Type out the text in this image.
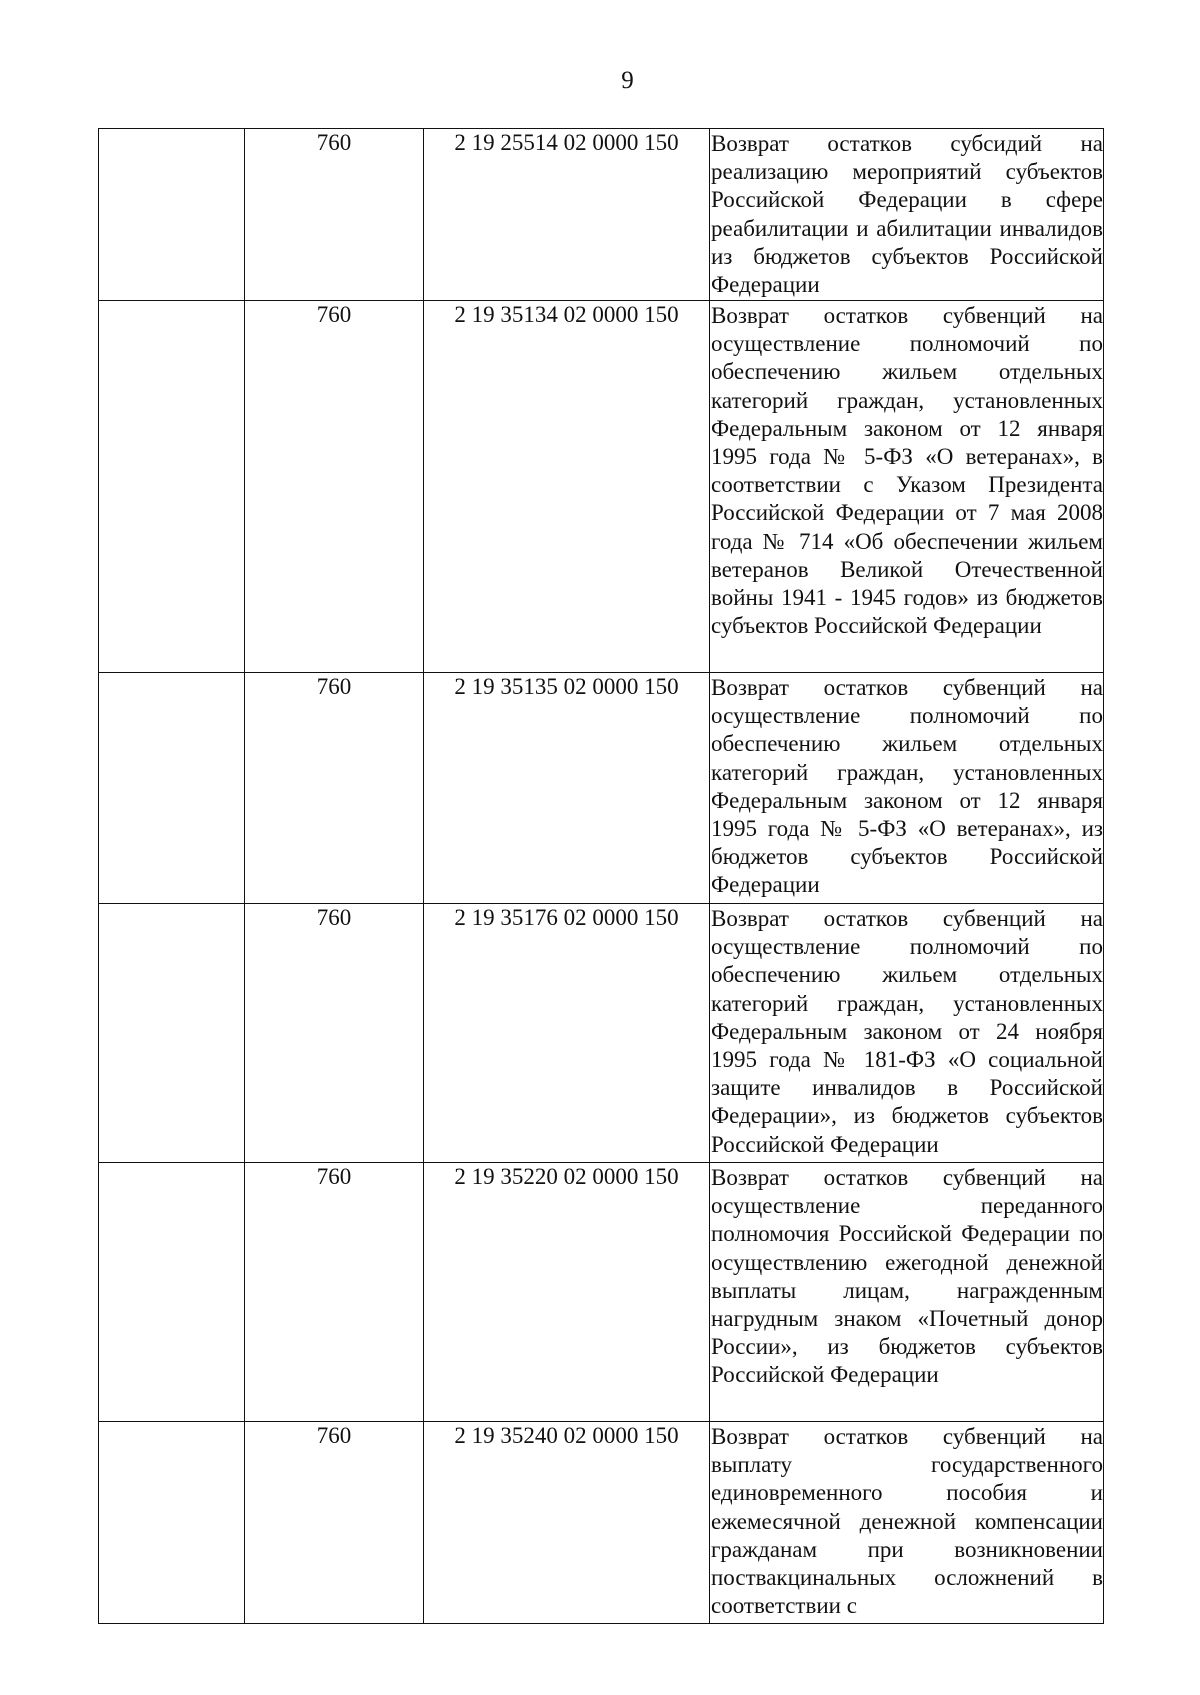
9
	760	2 19 25514 02 0000 150	Возврат остатков субсидий на реализацию мероприятий субъектов Российской Федерации в сфере реабилитации и абилитации инвалидов из бюджетов субъектов Российской Федерации

	760	2 19 35134 02 0000 150	Возврат остатков субвенций на осуществление полномочий по обеспечению жильем отдельных категорий граждан, установленных Федеральным законом от 12 января 1995 года № 5-ФЗ «О ветеранах», в соответствии с Указом Президента Российской Федерации от 7 мая 2008 года № 714 «Об обеспечении жильем ветеранов Великой Отечественной войны 1941 - 1945 годов» из бюджетов субъектов Российской Федерации

	760	2 19 35135 02 0000 150	Возврат остатков субвенций на осуществление полномочий по обеспечению жильем отдельных категорий граждан, установленных Федеральным законом от 12 января 1995 года № 5-ФЗ «О ветеранах», из бюджетов субъектов Российской Федерации

	760	2 19 35176 02 0000 150	Возврат остатков субвенций на осуществление полномочий по обеспечению жильем отдельных категорий граждан, установленных Федеральным законом от 24 ноября 1995 года № 181-ФЗ «О социальной защите инвалидов в Российской Федерации», из бюджетов субъектов Российской Федерации

	760	2 19 35220 02 0000 150	Возврат остатков субвенций на осуществление переданного полномочия Российской Федерации по осуществлению ежегодной денежной выплаты лицам, награжденным нагрудным знаком «Почетный донор России», из бюджетов субъектов Российской Федерации

	760	2 19 35240 02 0000 150	Возврат остатков субвенций на выплату государственного единовременного пособия и ежемесячной денежной компенсации гражданам при возникновении поствакцинальных осложнений в соответствии с
